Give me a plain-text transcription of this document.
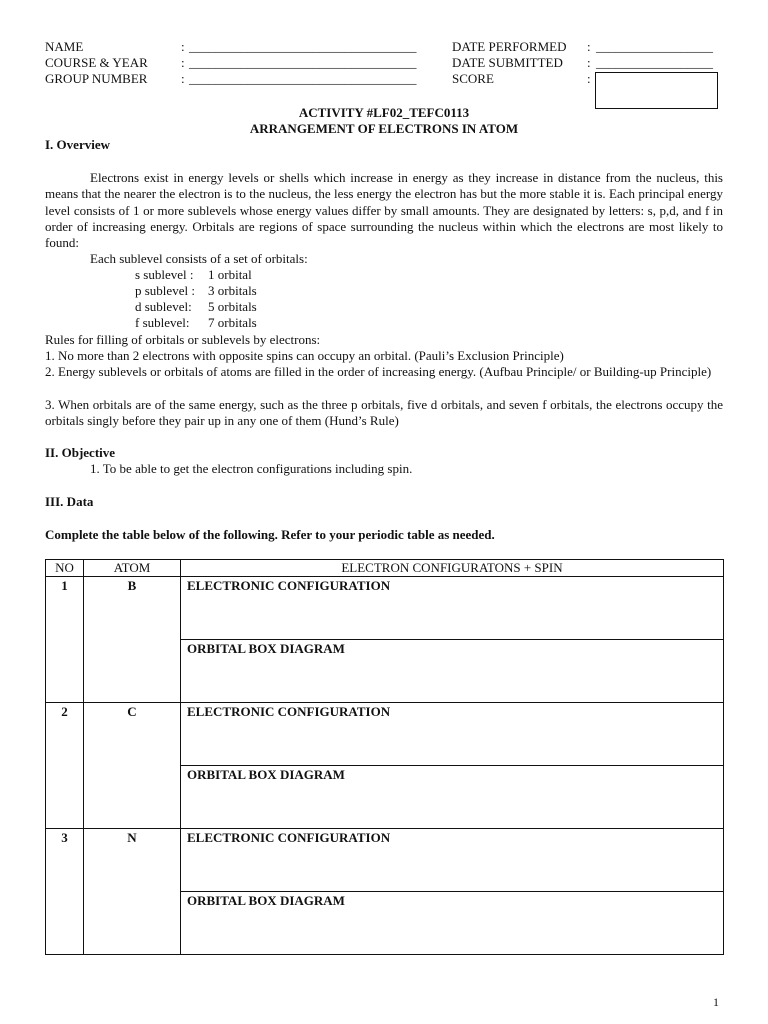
NAME	: ___________________________________
COURSE & YEAR	: ___________________________________
GROUP NUMBER	: ___________________________________
DATE PERFORMED : __________________
DATE SUBMITTED : __________________
SCORE	:
ACTIVITY #LF02_TEFC0113
ARRANGEMENT OF ELECTRONS IN ATOM
I. Overview
Electrons exist in energy levels or shells which increase in energy as they increase in distance from the nucleus, this means that the nearer the electron is to the nucleus, the less energy the electron has but the more stable it is. Each principal energy level consists of 1 or more sublevels whose energy values differ by small amounts. They are designated by letters: s, p,d, and f in order of increasing energy. Orbitals are regions of space surrounding the nucleus within which the electrons are most likely to found:
Each sublevel consists of a set of orbitals:
s sublevel : 1 orbital
p sublevel : 3 orbitals
d sublevel: 5 orbitals
f sublevel: 7 orbitals
Rules for filling of orbitals or sublevels by electrons:
1. No more than 2 electrons with opposite spins can occupy an orbital. (Pauli’s Exclusion Principle)
2. Energy sublevels or orbitals of atoms are filled in the order of increasing energy. (Aufbau Principle/ or Building-up Principle)
3. When orbitals are of the same energy, such as the three p orbitals, five d orbitals, and seven f orbitals, the electrons occupy the orbitals singly before they pair up in any one of them (Hund’s Rule)
II. Objective
1. To be able to get the electron configurations including spin.
III. Data
Complete the table below of the following. Refer to your periodic table as needed.
NO	ATOM	ELECTRON CONFIGURATONS + SPIN
1	B	ELECTRONIC CONFIGURATION

		ORBITAL BOX DIAGRAM

2	C	ELECTRONIC CONFIGURATION

		ORBITAL BOX DIAGRAM

3	N	ELECTRONIC CONFIGURATION

		ORBITAL BOX DIAGRAM
1
